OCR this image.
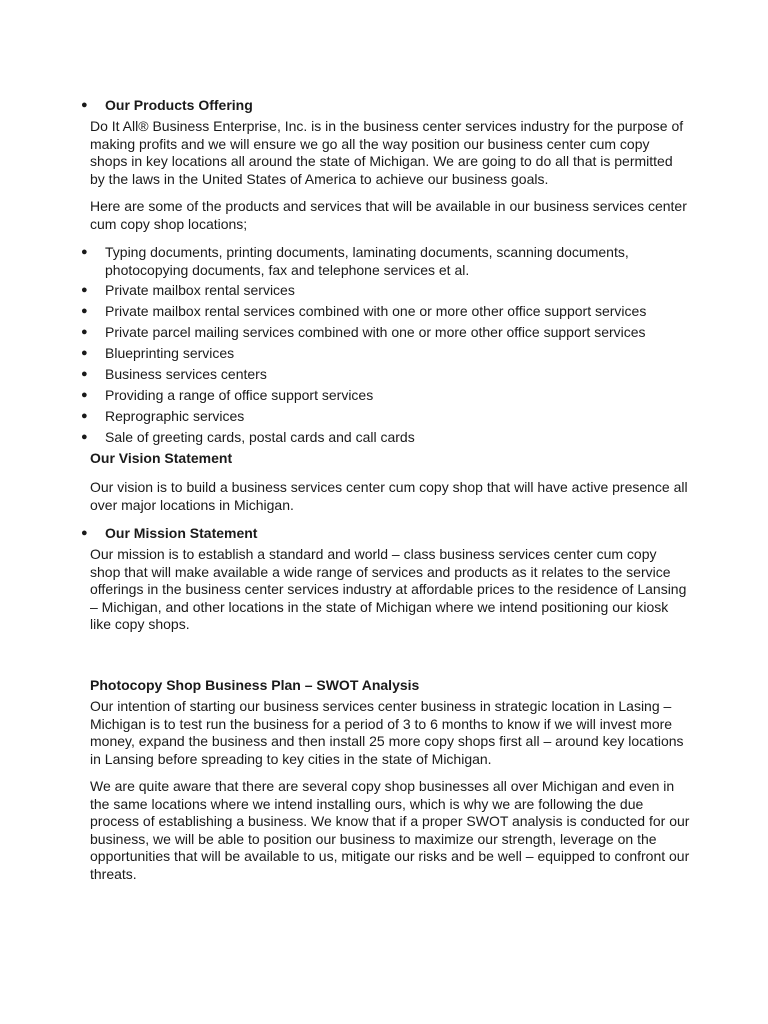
●	Our Products Offering

Do It All® Business Enterprise, Inc. is in the business center services industry for the purpose of making profits and we will ensure we go all the way position our business center cum copy shops in key locations all around the state of Michigan. We are going to do all that is permitted by the laws in the United States of America to achieve our business goals.

Here are some of the products and services that will be available in our business services center cum copy shop locations;

●	Typing documents, printing documents, laminating documents, scanning documents, photocopying documents, fax and telephone services et al.
●	Private mailbox rental services
●	Private mailbox rental services combined with one or more other office support services
●	Private parcel mailing services combined with one or more other office support services
●	Blueprinting services
●	Business services centers
●	Providing a range of office support services
●	Reprographic services
●	Sale of greeting cards, postal cards and call cards

Our Vision Statement

Our vision is to build a business services center cum copy shop that will have active presence all over major locations in Michigan.

●	Our Mission Statement

Our mission is to establish a standard and world – class business services center cum copy shop that will make available a wide range of services and products as it relates to the service offerings in the business center services industry at affordable prices to the residence of Lansing – Michigan, and other locations in the state of Michigan where we intend positioning our kiosk like copy shops.

Photocopy Shop Business Plan – SWOT Analysis

Our intention of starting our business services center business in strategic location in Lasing – Michigan is to test run the business for a period of 3 to 6 months to know if we will invest more money, expand the business and then install 25 more copy shops first all – around key locations in Lansing before spreading to key cities in the state of Michigan.

We are quite aware that there are several copy shop businesses all over Michigan and even in the same locations where we intend installing ours, which is why we are following the due process of establishing a business. We know that if a proper SWOT analysis is conducted for our business, we will be able to position our business to maximize our strength, leverage on the opportunities that will be available to us, mitigate our risks and be well – equipped to confront our threats.
